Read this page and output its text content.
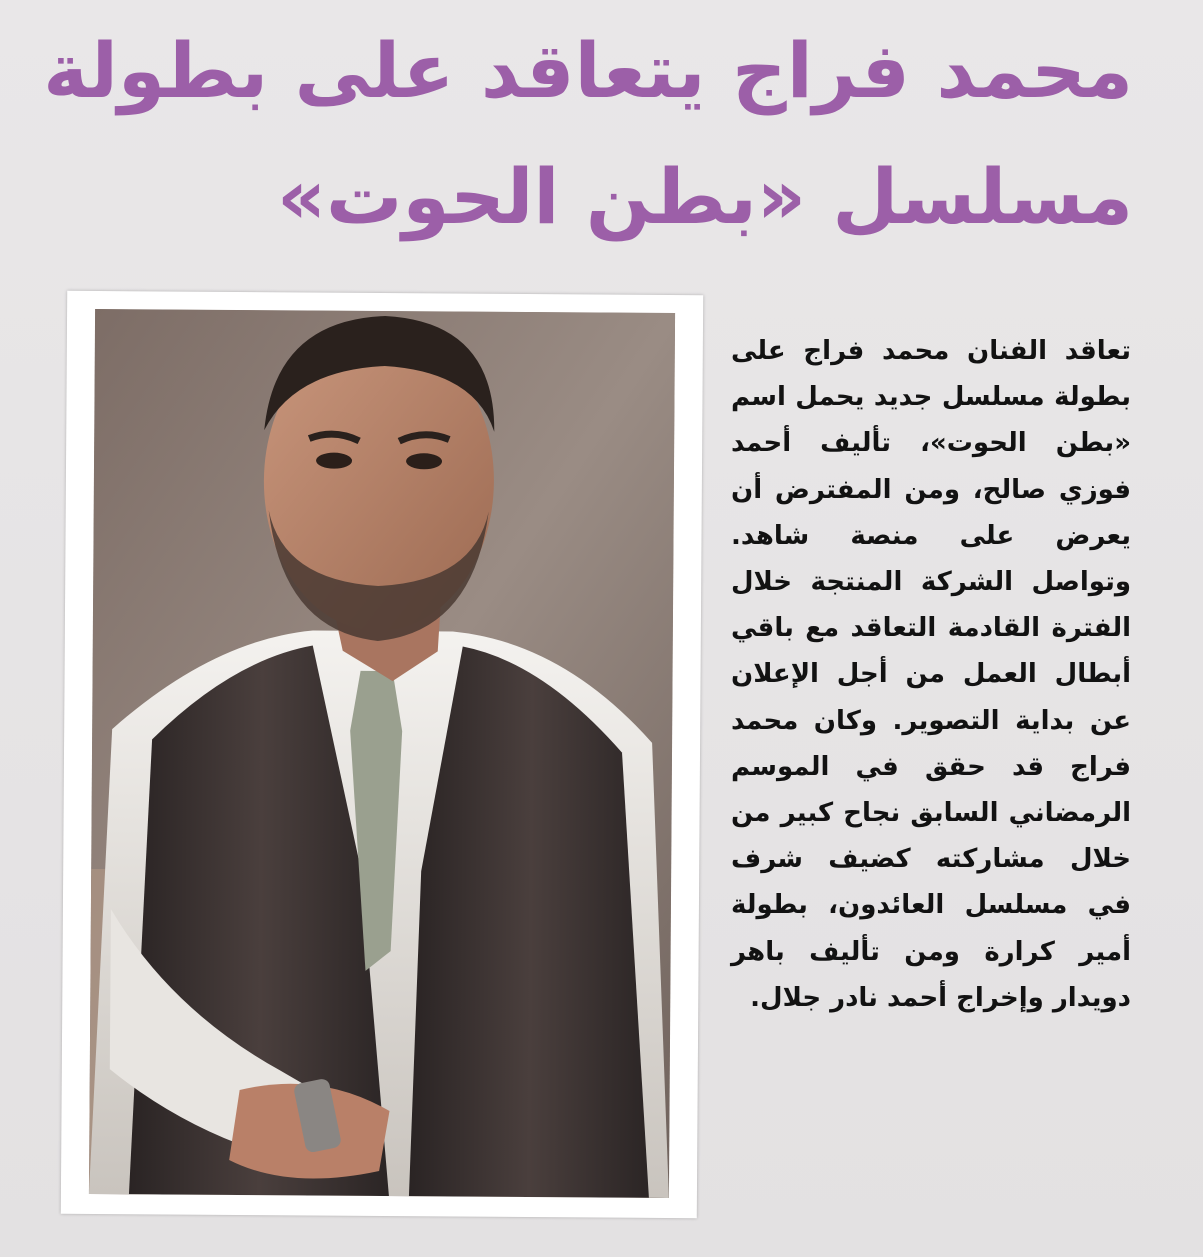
محمد فراج يتعاقد على بطولة
مسلسل «بطن الحوت»

تعاقد الفنان محمد فراج على بطولة مسلسل جديد يحمل اسم «بطن الحوت»، تأليف أحمد فوزي صالح، ومن المفترض أن يعرض على منصة شاهد. وتواصل الشركة المنتجة خلال الفترة القادمة التعاقد مع باقي أبطال العمل من أجل الإعلان عن بداية التصوير. وكان محمد فراج قد حقق في الموسم الرمضاني السابق نجاح كبير من خلال مشاركته كضيف شرف في مسلسل العائدون، بطولة أمير كرارة ومن تأليف باهر دويدار وإخراج أحمد نادر جلال.
